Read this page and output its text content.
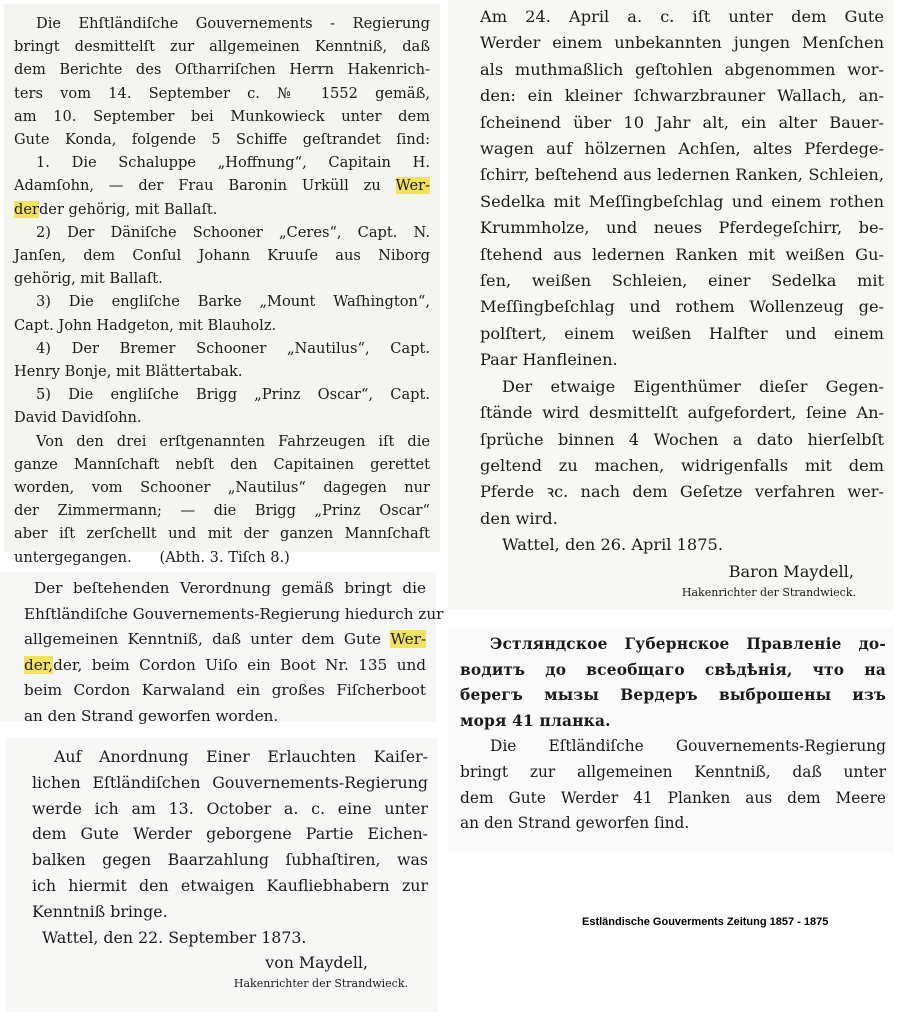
Die Ehſtländiſche Gouvernements - Regierung
bringt desmittelſt zur allgemeinen Kenntniß, daß
dem Berichte des Oſtharriſchen Herrn Hakenrich-
ters vom 14. September c. № 1552 gemäß,
am 10. September bei Munkowieck unter dem
Gute Konda, folgende 5 Schiffe geſtrandet ſind:
1. Die Schaluppe „Hoffnung“, Capitain H.
Adamſohn, — der Frau Baronin Urküll zu Wer-
derder gehörig, mit Ballaſt.
2) Der Däniſche Schooner „Ceres“, Capt. N.
Janſen, dem Conſul Johann Kruuſe aus Niborg
gehörig, mit Ballaſt.
3) Die engliſche Barke „Mount Waſhington“,
Capt. John Hadgeton, mit Blauholz.
4) Der Bremer Schooner „Nautilus“, Capt.
Henry Bonje, mit Blättertabak.
5) Die engliſche Brigg „Prinz Oscar“, Capt.
David Davidſohn.
Von den drei erſtgenannten Fahrzeugen iſt die
ganze Mannſchaft nebſt den Capitainen gerettet
worden, vom Schooner „Nautilus“ dagegen nur
der Zimmermann; — die Brigg „Prinz Oscar“
aber iſt zerſchellt und mit der ganzen Mannſchaft
untergegangen.      (Abth. 3. Tiſch 8.)
Am 24. April a. c. iſt unter dem Gute
Werder einem unbekannten jungen Menſchen
als muthmaßlich geſtohlen abgenommen wor-
den: ein kleiner ſchwarzbrauner Wallach, an-
ſcheinend über 10 Jahr alt, ein alter Bauer-
wagen auf hölzernen Achſen, altes Pferdege-
ſchirr, beſtehend aus ledernen Ranken, Schleien,
Sedelka mit Meſſingbeſchlag und einem rothen
Krummholze, und neues Pferdegeſchirr, be-
ſtehend aus ledernen Ranken mit weißen Gu-
ſen, weißen Schleien, einer Sedelka mit
Meſſingbeſchlag und rothem Wollenzeug ge-
polſtert, einem weißen Halfter und einem
Paar Hanfleinen.
Der etwaige Eigenthümer dieſer Gegen-
ſtände wird desmittelſt aufgefordert, ſeine An-
ſprüche binnen 4 Wochen a dato hierſelbſt
geltend zu machen, widrigenfalls mit dem
Pferde ꝛc. nach dem Geſetze verfahren wer-
den wird.
Wattel, den 26. April 1875.
Baron Maydell,
Hakenrichter der Strandwieck.
Der beſtehenden Verordnung gemäß bringt die
Ehſtländiſche Gouvernements-Regierung hiedurch zur
allgemeinen Kenntniß, daß unter dem Gute Wer-
der,der, beim Cordon Uiſo ein Boot Nr. 135 und
beim Cordon Karwaland ein großes Fiſcherboot
an den Strand geworfen worden.
Эстляндское Губернское Правленіе до-
водитъ до всеобщаго свѣдѣнія, что на
берегъ мызы Вердеръ выброшены изъ
моря 41 планка.
Die Eſtländiſche Gouvernements-Regierung
bringt zur allgemeinen Kenntniß, daß unter
dem Gute Werder 41 Planken aus dem Meere
an den Strand geworfen ſind.
Auf Anordnung Einer Erlauchten Kaiſer-
lichen Eſtländiſchen Gouvernements-Regierung
werde ich am 13. October a. c. eine unter
dem Gute Werder geborgene Partie Eichen-
balken gegen Baarzahlung ſubhaſtiren, was
ich hiermit den etwaigen Kaufliebhabern zur
Kenntniß bringe.
Wattel, den 22. September 1873.
von Maydell,
Hakenrichter der Strandwieck.
Estländische Gouverments Zeitung 1857 - 1875
